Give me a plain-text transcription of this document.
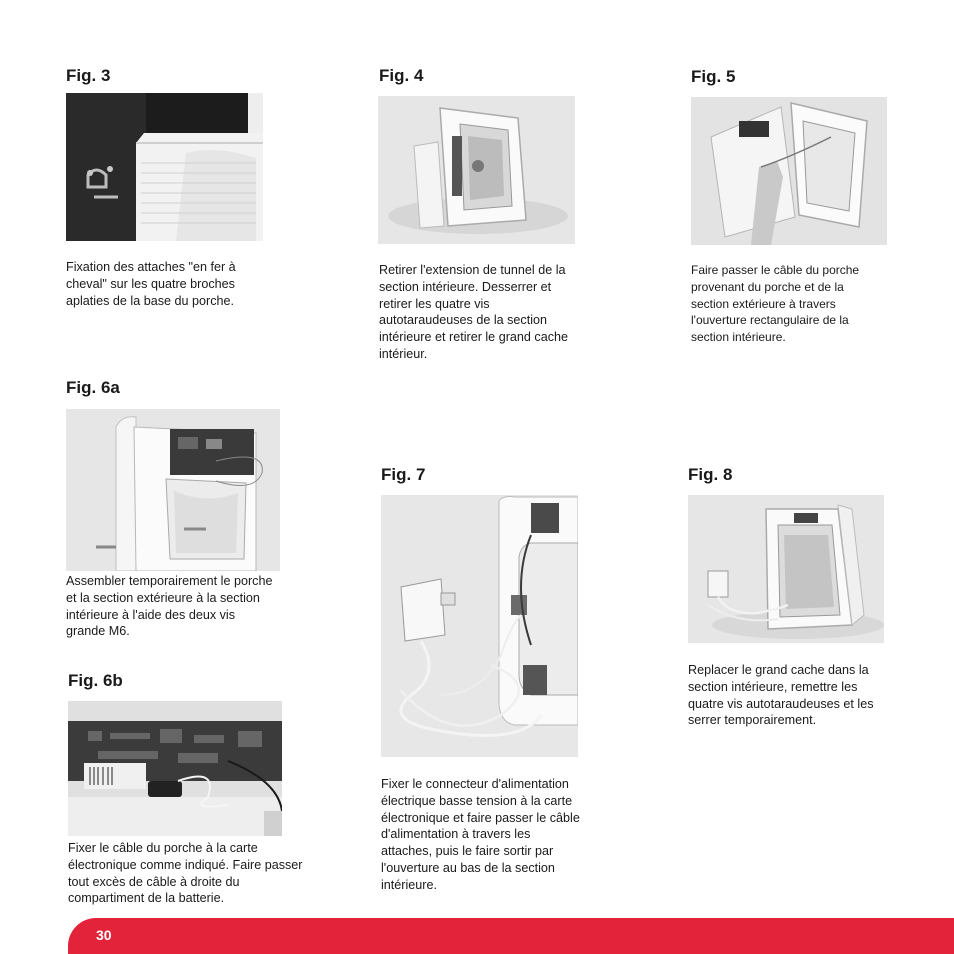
Fig. 3

Fixation des attaches "en fer à cheval" sur les quatre broches aplaties de la base du porche.

Fig. 4

Retirer l'extension de tunnel de la section intérieure. Desserrer et retirer les quatre vis autotaraudeuses de la section intérieure et retirer le grand cache intérieur.

Fig. 5

Faire passer le câble du porche provenant du porche et de la section extérieure à travers l'ouverture rectangulaire de la section intérieure.

Fig. 6a

Assembler temporairement le porche et la section extérieure à la section intérieure à l'aide des deux vis grande M6.

Fig. 6b

Fixer le câble du porche à la carte électronique comme indiqué. Faire passer tout excès de câble à droite du compartiment de la batterie.

Fig. 7

Fixer le connecteur d'alimentation électrique basse tension à la carte électronique et faire passer le câble d'alimentation à travers les attaches, puis le faire sortir par l'ouverture au bas de la section intérieure.

Fig. 8

Replacer le grand cache dans la section intérieure, remettre les quatre vis autotaraudeuses et les serrer temporairement.

30
